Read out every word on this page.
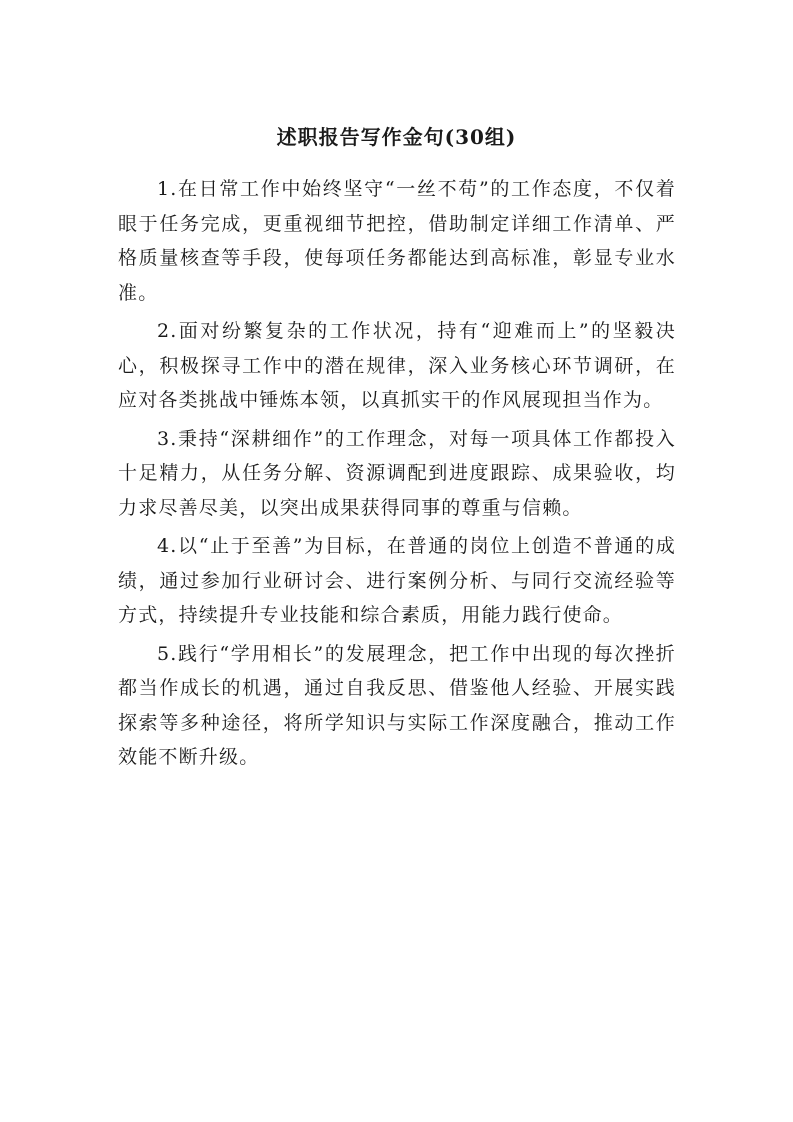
述职报告写作金句(30组)

1.在日常工作中始终坚守“一丝不苟”的工作态度，不仅着眼于任务完成，更重视细节把控，借助制定详细工作清单、严格质量核查等手段，使每项任务都能达到高标准，彰显专业水准。

2.面对纷繁复杂的工作状况，持有“迎难而上”的坚毅决心，积极探寻工作中的潜在规律，深入业务核心环节调研，在应对各类挑战中锤炼本领，以真抓实干的作风展现担当作为。

3.秉持“深耕细作”的工作理念，对每一项具体工作都投入十足精力，从任务分解、资源调配到进度跟踪、成果验收，均力求尽善尽美，以突出成果获得同事的尊重与信赖。

4.以“止于至善”为目标，在普通的岗位上创造不普通的成绩，通过参加行业研讨会、进行案例分析、与同行交流经验等方式，持续提升专业技能和综合素质，用能力践行使命。

5.践行“学用相长”的发展理念，把工作中出现的每次挫折都当作成长的机遇，通过自我反思、借鉴他人经验、开展实践探索等多种途径，将所学知识与实际工作深度融合，推动工作效能不断升级。
